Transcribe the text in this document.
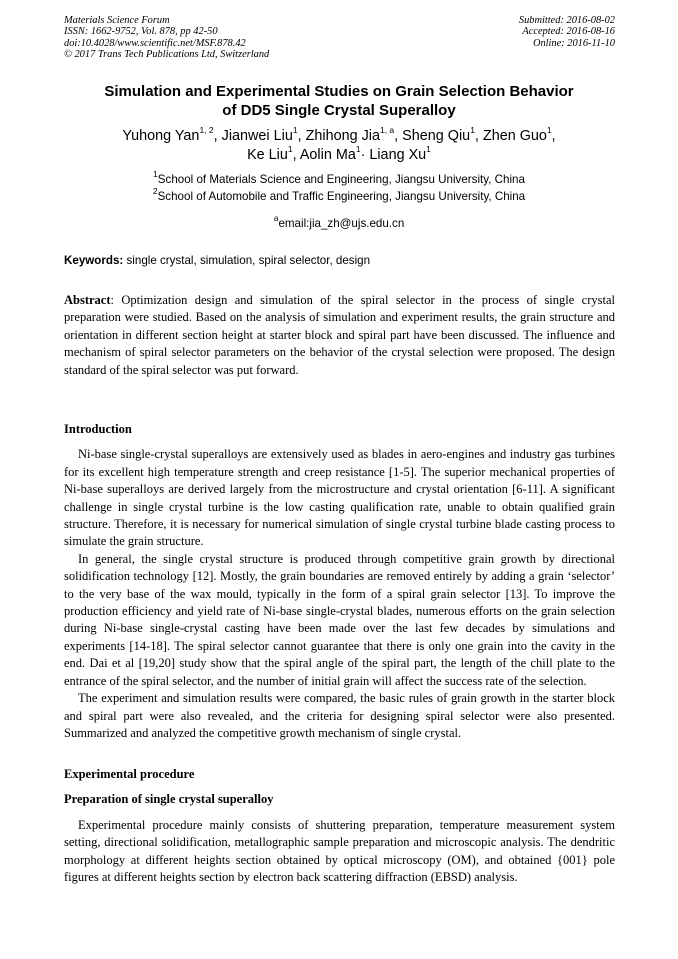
Materials Science Forum
ISSN: 1662-9752, Vol. 878, pp 42-50
doi:10.4028/www.scientific.net/MSF.878.42
© 2017 Trans Tech Publications Ltd, Switzerland
Submitted: 2016-08-02
Accepted: 2016-08-16
Online: 2016-11-10
Simulation and Experimental Studies on Grain Selection Behavior
of DD5 Single Crystal Superalloy
Yuhong Yan$^{1, 2}$, Jianwei Liu$^1$, Zhihong Jia$^{1, a}$, Sheng Qiu$^1$, Zhen Guo$^1$,
Ke Liu$^1$, Aolin $Ma^1\cdot$ Liang Xu$^1$
$^1$School of Materials Science and Engineering, Jiangsu University, China
$^2$School of Automobile and Traffic Engineering, Jiangsu University, China
$^a$email:jia_zh@ujs.edu.cn
Keywords: single crystal, simulation, spiral selector, design

Abstract: Optimization design and simulation of the spiral selector in the process of single crystal preparation were studied. Based on the analysis of simulation and experiment results, the grain structure and orientation in different section height at starter block and spiral part have been discussed. The influence and mechanism of spiral selector parameters on the behavior of the crystal selection were proposed. The design standard of the spiral selector was put forward.

Introduction

Ni-base single-crystal superalloys are extensively used as blades in aero-engines and industry gas turbines for its excellent high temperature strength and creep resistance [1-5]. The superior mechanical properties of Ni-base superalloys are derived largely from the microstructure and crystal orientation [6-11]. A significant challenge in single crystal turbine is the low casting qualification rate, unable to obtain qualified grain structure. Therefore, it is necessary for numerical simulation of single crystal turbine blade casting process to simulate the grain structure.

In general, the single crystal structure is produced through competitive grain growth by directional solidification technology [12]. Mostly, the grain boundaries are removed entirely by adding a grain ‘selector’ to the very base of the wax mould, typically in the form of a spiral grain selector [13]. To improve the production efficiency and yield rate of Ni-base single-crystal blades, numerous efforts on the grain selection during Ni-base single-crystal casting have been made over the last few decades by simulations and experiments [14-18]. The spiral selector cannot guarantee that there is only one grain into the cavity in the end. Dai et al [19,20] study show that the spiral angle of the spiral part, the length of the chill plate to the entrance of the spiral selector, and the number of initial grain will affect the success rate of the selection.

The experiment and simulation results were compared, the basic rules of grain growth in the starter block and spiral part were also revealed, and the criteria for designing spiral selector were also presented. Summarized and analyzed the competitive growth mechanism of single crystal.

Experimental procedure

Preparation of single crystal superalloy

Experimental procedure mainly consists of shuttering preparation, temperature measurement system setting, directional solidification, metallographic sample preparation and microscopic analysis. The dendritic morphology at different heights section obtained by optical microscopy (OM), and obtained {001} pole figures at different heights section by electron back scattering diffraction (EBSD) analysis.
